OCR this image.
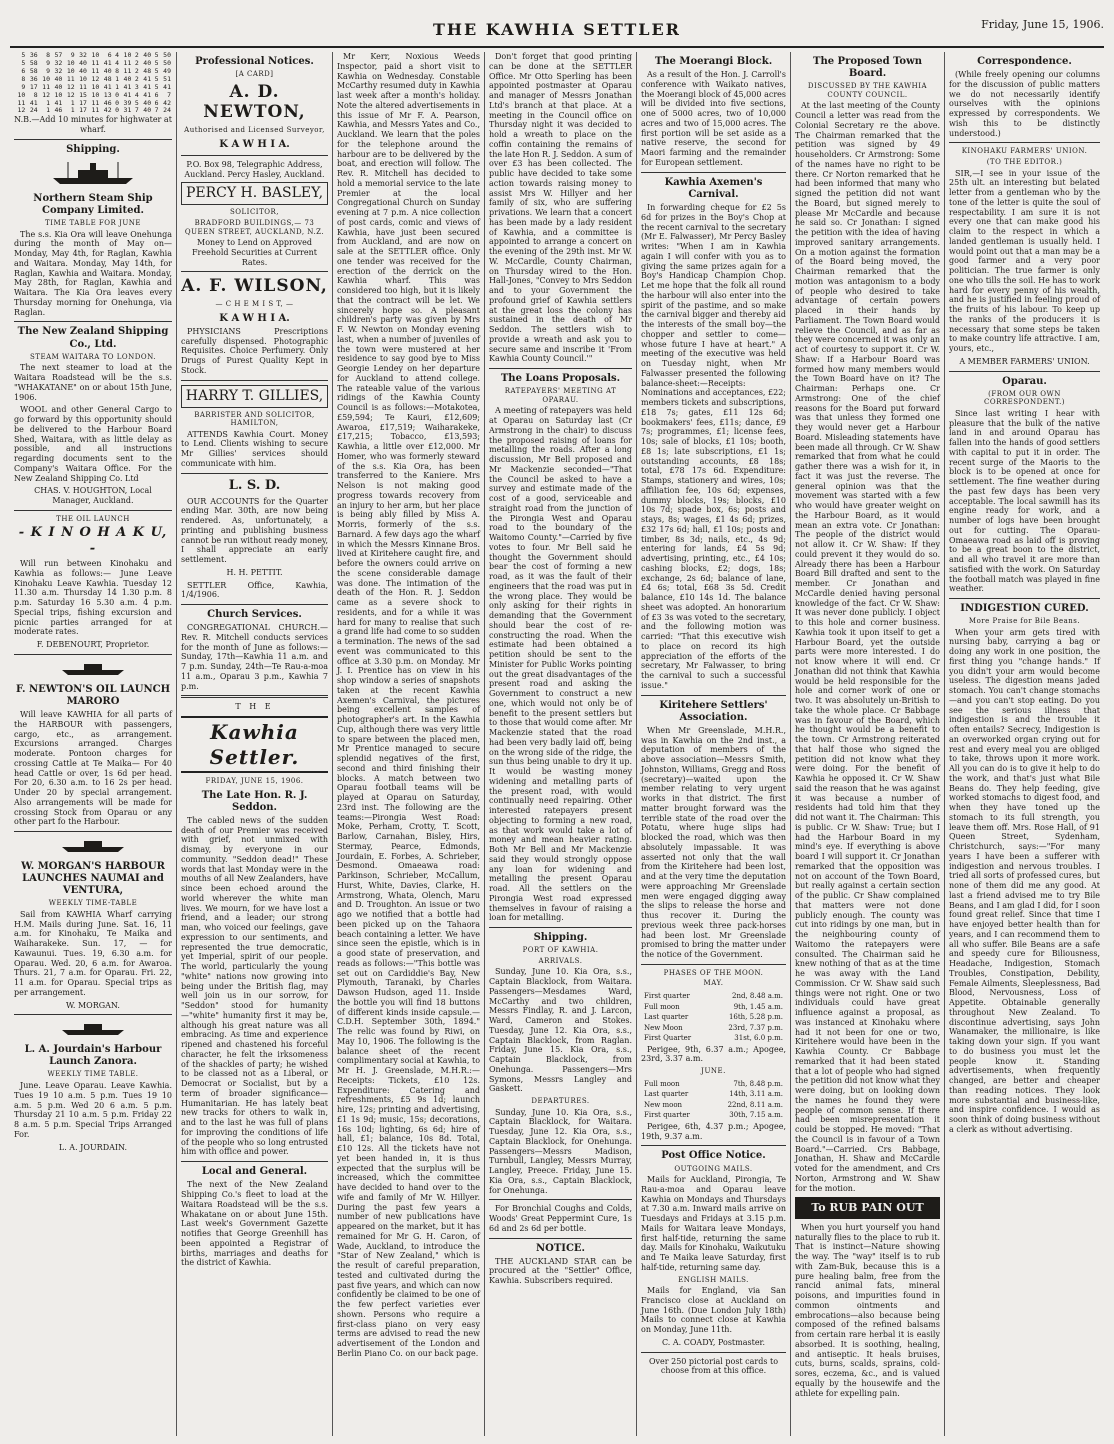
THE KAWHIA SETTLER	Friday, June 15, 1906.
5	36	8	57	9	32	10	6	4	10	2	40	5	50
5	58	9	32	10	40	11	41	4	11	2	40	5	50
6	58	9	32	10	40	11	40	8	11	2	48	5	49
8	36	10	40	11	10	12	48	1	40	2	41	5	51
9	17	11	40	12	11	10	41	1	41	3	41	5	41
10	8	12	10	12	15	10	13	0	41	4	41	6	7
11	41	1	41	1	17	11	46	0	39	5	40	6	42
12	24	1	46	1	17	11	42	0	31	7	40	7	24

N.B.—Add 10 minutes for highwater at wharf.

Shipping.
Northern Steam Ship Company Limited.
TIME TABLE FOR JUNE

The s.s. Kia Ora will leave Onehunga during the month of May on— Monday, May 4th, for Raglan, Kawhia and Waitara. Monday, May 14th, for Raglan, Kawhia and Waitara. Monday, May 28th, for Raglan, Kawhia and Waitara. The Kia Ora leaves every Thursday morning for Onehunga, via Raglan.

The New Zealand Shipping Co., Ltd.
STEAM WAITARA TO LONDON.

The next steamer to load at the Waitara Roadstead will be the s.s. "WHAKATANE" on or about 15th June, 1906.

WOOL and other General Cargo to go forward by this opportunity should be delivered to the Harbour Board Shed, Waitara, with as little delay as possible, and all instructions regarding documents sent to the Company's Waitara Office. For the New Zealand Shipping Co. Ltd

CHAS. V. HOUGHTON, Local Manager, Auckland.

THE OIL LAUNCH
- K I N O H A K U, -

Will run between Kinohaku and Kawhia as follows:— June Leave Kinohaku Leave Kawhia. Tuesday 12 11.30 a.m. Thursday 14 1.30 p.m. 8 p.m. Saturday 16 5.30 a.m. 4 p.m. Special trips, fishing excursion and picnic parties arranged for at moderate rates.

F. DEBENOURT, Proprietor.

F. NEWTON'S OIL LAUNCH MARORO

Will leave KAWHIA for all parts of the HARBOUR with passengers, cargo, etc., as arrangement. Excursions arranged. Charges moderate. Pontoon charges for crossing Cattle at Te Maika— For 40 head Cattle or over, 1s 6d per head. For 20, 6.30 a.m. to 16 2s per head. Under 20 by special arrangement. Also arrangements will be made for crossing Stock from Oparau or any other part fo the Harbour.

W. MORGAN'S HARBOUR LAUNCHES NAUMAI and VENTURA,
WEEKLY TIME-TABLE

Sail from KAWHIA Wharf carrying H.M. Mails during June. Sat. 16, 11 a.m. for Kinohaku, Te Maika and Waiharakeke. Sun. 17, — for Kawaunui. Tues. 19, 6.30 a.m. for Oparau. Wed. 20, 6 a.m. for Awaroa. Thurs. 21, 7 a.m. for Oparau. Fri. 22, 11 a.m. for Oparau. Special trips as per arrangement.

W. MORGAN.

L. A. Jourdain's Harbour Launch Zanora.
WEEKLY TIME TABLE.

June. Leave Oparau. Leave Kawhia. Tues 19 10 a.m. 5 p.m. Tues 19 10 a.m. 5 p.m. Wed 20 6 a.m. 5 p.m. Thursday 21 10 a.m. 5 p.m. Friday 22 8 a.m. 5 p.m. Special Trips Arranged For.

L. A. JOURDAIN.

Professional Notices.
[A CARD]
A. D. NEWTON,
Authorised and Licensed Surveyor,
K A W H I A.

P.O. Box 98, Telegraphic Address, Auckland. Percy Hasley, Auckland.

PERCY H. BASLEY,
SOLICITOR,
BRADFORD BUILDINGS,— 73 QUEEN STREET, AUCKLAND, N.Z.

Money to Lend on Approved Freehold Securities at Current Rates.

A. F. WILSON,
— C H E M I S T, —
K A W H I A.

PHYSICIANS Prescriptions carefully dispensed. Photographic Requisites. Choice Perfumery. Only Drugs of Purest Quality Kept in Stock.

HARRY T. GILLIES,
BARRISTER AND SOLICITOR, HAMILTON,

ATTENDS Kawhia Court. Money to Lend. Clients wishing to secure Mr Gillies' services should communicate with him.

L. S. D.

OUR ACCOUNTS for the Quarter ending Mar. 30th, are now being rendered. As, unfortunately, a printing and publishing business cannot be run without ready money, I shall appreciate an early settlement.

H. H. PETTIT.

SETTLER Office, Kawhia, 1/4/1906.

Church Services.

CONGREGATIONAL CHURCH.—Rev. R. Mitchell conducts services for the month of June as follows:— Sunday, 17th—Kawhia 11 a.m. and 7 p.m. Sunday, 24th—Te Rau-a-moa 11 a.m., Oparau 3 p.m., Kawhia 7 p.m.

T H E
Kawhia Settler.
FRIDAY, JUNE 15, 1906.
The Late Hon. R. J. Seddon.

The cabled news of the sudden death of our Premier was received with grief, not unmixed with dismay, by everyone in our community. "Seddon dead!" These words that last Monday were in the mouths of all New Zealanders, have since been echoed around the world wherever the white man lives. We mourn, for we have lost a friend, and a leader; our strong man, who voiced our feelings, gave expression to our sentiments, and represented the true democratic, yet Imperial, spirit of our people. The world, particularly the young "white" nations now growing into being under the British flag, may well join us in our sorrow, for "Seddon" stood for humanity—"white" humanity first it may be, although his great nature was all embracing. As time and experience ripened and chastened his forceful character, he felt the irksomeness of the shackles of party; he wished to be classed not as a Liberal, or Democrat or Socialist, but by a term of broader significance—Humanitarian. He has lately beat new tracks for others to walk in, and to the last he was full of plans for improving the conditions of life of the people who so long entrusted him with office and power.

Local and General.

The next of the New Zealand Shipping Co.'s fleet to load at the Waitara Roadstead will be the s.s. Whakatane on or about June 15th. Last week's Government Gazette notifies that George Greenhill has been appointed a Registrar of births, marriages and deaths for the district of Kawhia.

Mr Kerr, Noxious Weeds Inspector, paid a short visit to Kawhia on Wednesday. Constable McCarthy resumed duty in Kawhia last week after a month's holiday. Note the altered advertisements in this issue of Mr F. A. Pearson, Kawhia, and Messrs Yates and Co., Auckland. We learn that the poles for the telephone around the harbour are to be delivered by the boat, and erection will follow. The Rev. R. Mitchell has decided to hold a memorial service to the late Premier at the local Congregational Church on Sunday evening at 7 p.m. A nice collection of post cards, comic and views of Kawhia, have just been secured from Auckland, and are now on sale at the SETTLER office. Only one tender was received for the erection of the derrick on the Kawhia wharf. This was considered too high, but it is likely that the contract will be let. We sincerely hope so. A pleasant children's party was given by Mrs F. W. Newton on Monday evening last, when a number of juveniles of the town were mustered at her residence to say good bye to Miss Georgie Lendey on her departure for Auckland to attend college. The rateable value of the various ridings of the Kawhia County Council is as follows:—Motakotea, £59,594; Te Kauri, £12,609; Awaroa, £17,519; Waiharakeke, £17,215; Tobacco, £13,593; Kawhia, a little over £12,000. Mr Homer, who was formerly steward of the s.s. Kia Ora, has been transferred to the Kaniere. Mrs Nelson is not making good progress towards recovery from an injury to her arm, but her place is being ably filled by Miss A. Morris, formerly of the s.s. Barnard. A few days ago the wharf in which the Messrs Kinnane Bros. lived at Kiritehere caught fire, and before the owners could arrive on the scene considerable damage was done. The intimation of the death of the Hon. R. J. Seddon came as a severe shock to residents, and for a while it was hard for many to realise that such a grand life had come to so sudden a termination. The news of the sad event was communicated to this office at 3.30 p.m. on Monday. Mr J. I. Prentice has on view in his shop window a series of snapshots taken at the recent Kawhia Axemen's Carnival, the pictures being excellent samples of photographer's art. In the Kawhia Cup, although there was very little to spare between the placed men, Mr Prentice managed to secure splendid negatives of the first, second and third finishing their blocks. A match between two Oparau football teams will be played at Oparau on Saturday, 23rd inst. The following are the teams:—Pirongia West Road: Moke, Perham, Crotty, T. Scott, Barlow, Carnahan, Bisley, Hirs, Stermay, Pearce, Edmonds, Jourdain, E. Forbes, A. Schrieber, Desmond. Omaeawa road: Parkinson, Schrieber, McCallum, Hurst, White, Davies, Clarke, H. Armstrong, Whata, Olench, Maru and D. Troughton. An issue or two ago we notified that a bottle had been picked up on the Tahaora beach containing a letter. We have since seen the epistle, which is in a good state of preservation, and reads as follows:—"This bottle was set out on Cardiddie's Bay, New Plymouth, Taranaki, by Charles Dawson Hudson, aged 11. Inside the bottle you will find 18 buttons of different kinds inside capsule.—C.D.H. September 30th, 1894." The relic was found by Riwi, on May 10, 1906. The following is the balance sheet of the recent complimentary social at Kawhia, to Mr H. J. Greenslade, M.H.R.:—Receipts: Tickets, £10 12s. Expenditure: Catering and refreshments, £5 9s 1d; launch hire, 12s; printing and advertising, £1 1s 9d; music, 15s; decorations, 16s 10d; lighting, 6s 6d; hire of hall, £1; balance, 10s 8d. Total, £10 12s. All the tickets have not yet been handed in, it is thus expected that the surplus will be increased, which the committee have decided to hand over to the wife and family of Mr W. Hillyer. During the past few years a number of new publications have appeared on the market, but it has remained for Mr G. H. Caron, of Wade, Auckland, to introduce the "Star of New Zealand," which is the result of careful preparation, tested and cultivated during the past five years, and which can now confidently be claimed to be one of the few perfect varieties ever shown. Persons who require a first-class piano on very easy terms are advised to read the new advertisement of the London and Berlin Piano Co. on our back page.

Don't forget that good printing can be done at the SETTLER Office. Mr Otto Sperling has been appointed postmaster at Oparau and manager of Messrs Jonathan Ltd's branch at that place. At a meeting in the Council office on Thursday night it was decided to hold a wreath to place on the coffin containing the remains of the late Hon R. J. Seddon. A sum of over £3 has been collected. The public have decided to take some action towards raising money to assist Mrs W. Hillyer and her family of six, who are suffering privations. We learn that a concert has been made by a lady resident of Kawhia, and a committee is appointed to arrange a concert on the evening of the 29th inst. Mr W. W. McCardle, County Chairman, on Thursday wired to the Hon. Hall-Jones, "Convey to Mrs Seddon and to your Government the profound grief of Kawhia settlers at the great loss the colony has sustained in the death of Mr Seddon. The settlers wish to provide a wreath and ask you to secure same and inscribe it 'From Kawhia County Council.'"

The Loans Proposals.
RATEPAYERS' MEETING AT OPARAU.

A meeting of ratepayers was held at Oparau on Saturday last (Cr Armstrong in the chair) to discuss the proposed raising of loans for metalling the roads. After a long discussion, Mr Bell proposed and Mr Mackenzie seconded—"That the Council be asked to have a survey and estimate made of the cost of a good, serviceable and straight road from the junction of the Pirongia West and Oparau road to the boundary of the Waitomo County."—Carried by five votes to four. Mr Bell said he thought the Government should bear the cost of forming a new road, as it was the fault of their engineers that the road was put in the wrong place. They would be only asking for their rights in demanding that the Government should bear the cost of re-constructing the road. When the estimate had been obtained a petition should be sent to the Minister for Public Works pointing out the great disadvantages of the present road and asking the Government to construct a new one, which would not only be of benefit to the present settlers but to those that would come after. Mr Mackenzie stated that the road had been very badly laid off, being on the wrong side of the ridge, the sun thus being unable to dry it up. It would be wasting money widening and metalling parts of the present road, with would continually need repairing. Other interested ratepayers present objecting to forming a new road, as that work would take a lot of money and mean heavier rating. Both Mr Bell and Mr Mackenzie said they would strongly oppose any loan for widening and metalling the present Oparau road. All the settlers on the Pirongia West road expressed themselves in favour of raising a loan for metalling.

Shipping.
PORT OF KAWHIA.
ARRIVALS.

Sunday, June 10. Kia Ora, s.s., Captain Blacklock, from Waitara. Passengers—Mesdames Ward, McCarthy and two children, Messrs Findlay, R. and J. Larcon, Ward, Cameron and Stokes. Tuesday, June 12. Kia Ora, s.s., Captain Blacklock, from Raglan. Friday, June 15. Kia Ora, s.s., Captain Blacklock, from Onehunga. Passengers—Mrs Symons, Messrs Langley and Gaskett.

DEPARTURES.

Sunday, June 10. Kia Ora, s.s., Captain Blacklock, for Waitara. Tuesday, June 12. Kia Ora, s.s., Captain Blacklock, for Onehunga. Passengers—Messrs Madison, Turnbull, Langley, Messrs Murray, Langley, Preece. Friday, June 15. Kia Ora, s.s., Captain Blacklock, for Onehunga.

For Bronchial Coughs and Colds, Woods' Great Peppermint Cure, 1s 6d and 2s 6d per bottle.

NOTICE.

THE AUCKLAND STAR can be procured at the "Settler" Office, Kawhia. Subscribers required.

The Moerangi Block.

As a result of the Hon. J. Carroll's conference with Waikato natives, the Moerangi block of 45,000 acres will be divided into five sections, one of 5000 acres, two of 10,000 acres and two of 15,000 acres. The first portion will be set aside as a native reserve, the second for Maori farming and the remainder for European settlement.

Kawhia Axemen's Carnival.

In forwarding cheque for £2 5s 6d for prizes in the Boy's Chop at the recent carnival to the secretary (Mr E. Falwasser), Mr Percy Basley writes: "When I am in Kawhia again I will confer with you as to giving the same prizes again for a Boy's Handicap Champion Chop. Let me hope that the folk all round the harbour will also enter into the spirit of the pastime, and so make the carnival bigger and thereby aid the interests of the small boy—the chopper and settler to come—whose future I have at heart." A meeting of the executive was held on Tuesday night, when Mr Falwasser presented the following balance-sheet:—Receipts: Nominations and acceptances, £22; members tickets and subscriptions, £18 7s; gates, £11 12s 6d; bookmakers' fees, £11s; dance, £9 7s; programmes, £1; license fees, 10s; sale of blocks, £1 10s; booth, £8 1s; late subscriptions, £1 1s; outstanding accounts, £8 18s; total, £78 17s 6d. Expenditure: Stamps, stationery and wires, 10s; affiliation fee, 10s 6d; expenses, dummy blocks, 19s; blocks, £10 10s 7d; spade box, 6s; posts and stays, 8s; wages, £1 4s 6d; prizes, £32 17s 6d; hall, £1 10s; posts and timber, 8s 3d; nails, etc., 4s 9d; entering for lands, £4 5s 9d; advertising, printing, etc., £4 10s; cashing blocks, £2; dogs, 18s; exchange, 2s 6d; balance of lane, £4 6s; total, £68 3s 5d. Credit balance, £10 14s 1d. The balance sheet was adopted. An honorarium of £3 3s was voted to the secretary, and the following motion was carried: "That this executive wish to place on record its high appreciation of the efforts of the secretary, Mr Falwasser, to bring the carnival to such a successful issue."

Kiritehere Settlers' Association.

When Mr Greenslade, M.H.R., was in Kawhia on the 2nd inst., a deputation of members of the above association—Messrs Smith, Johnston, Williams, Gregg and Ross (secretary)—waited upon the member relating to very urgent works in that district. The first matter brought forward was the terrible state of the road over the Potatu, where huge slips had blocked the road, which was then absolutely impassable. It was asserted not only that the wall from the Kiritehere had been lost, and at the very time the deputation were approaching Mr Greenslade men were engaged digging away the slips to release the horse and thus recover it. During the previous week three pack-horses had been lost. Mr Greenslade promised to bring the matter under the notice of the Government.

PHASES OF THE MOON.
MAY.
First quarter	2nd, 8.48 a.m.
Full moon	9th, 1.45 a.m.
Last quarter	16th, 5.28 p.m.
New Moon	23rd, 7.37 p.m.
First Quarter	31st, 6.0 p.m.

Perigee, 9th, 6.37 a.m.; Apogee, 23rd, 3.37 a.m.

JUNE.
Full moon	7th, 8.48 p.m.
Last quarter	14th, 3.11 a.m.
New moon	22nd, 8.11 a.m.
First quarter	30th, 7.15 a.m.

Perigee, 6th, 4.37 p.m.; Apogee, 19th, 9.37 a.m.

Post Office Notice.
OUTGOING MAILS.

Mails for Auckland, Pirongia, Te Rau-a-moa and Oparau leave Kawhia on Mondays and Thursdays at 7.30 a.m. Inward mails arrive on Tuesdays and Fridays at 3.15 p.m. Mails for Waitara leave Mondays, first half-tide, returning the same day. Mails for Kinohaku, Waikutuku and Te Maika leave Saturday, first half-tide, returning same day.

ENGLISH MAILS.

Mails for England, via San Francisco close at Auckland on June 16th. (Due London July 18th) Mails to connect close at Kawhia on Monday, June 11th.

C. A. COADY, Postmaster.

Over 250 pictorial post cards to choose from at this office.

The Proposed Town Board.
DISCUSSED BY THE KAWHIA COUNTY COUNCIL.

At the last meeting of the County Council a letter was read from the Colonial Secretary re the above. The Chairman remarked that the petition was signed by 49 householders. Cr Armstrong: Some of the names have no right to be there. Cr Norton remarked that he had been informed that many who signed the petition did not want the Board, but signed merely to please Mr McCardle and because he said so. Cr Jonathan: I signed the petition with the idea of having improved sanitary arrangements. On a motion against the formation of the Board being moved, the Chairman remarked that the motion was antagonism to a body of people who desired to take advantage of certain powers placed in their hands by Parliament. The Town Board would relieve the Council, and as far as they were concerned it was only an act of courtesy to support it. Cr W. Shaw: If a Harbour Board was formed how many members would the Town Board have on it? The Chairman: Perhaps one. Cr Armstrong: One of the chief reasons for the Board put forward was that unless they formed one they would never get a Harbour Board. Misleading statements have been made all through. Cr W. Shaw remarked that from what he could gather there was a wish for it, in fact it was just the reverse. The general opinion was that the movement was started with a few who would have greater weight on the Harbour Board, as it would mean an extra vote. Cr Jonathan: The people of the district would not allow it. Cr W. Shaw: If they could prevent it they would do so. Already there has been a Harbour Board Bill drafted and sent to the member. Cr Jonathan and McCardle denied having personal knowledge of the fact. Cr W. Shaw: It was never done publicly. I object to this hole and corner business. Kawhia took it upon itself to get a Harbour Board, yet the outside parts were more interested. I do not know where it will end. Cr Jonathan did not think that Kawhia would be held responsible for the hole and corner work of one or two. It was absolutely un-British to take the whole place. Cr Babbage was in favour of the Board, which he thought would be a benefit to the town. Cr Armstrong reiterated that half those who signed the petition did not know what they were doing. For the benefit of Kawhia he opposed it. Cr W. Shaw said the reason that he was against it was because a number of residents had told him that they did not want it. The Chairman: This is public. Cr W. Shaw: True; but I had the Harbour Board in my mind's eye. If everything is above board I will support it. Cr Jonathan remarked that the opposition was not on account of the Town Board, but really against a certain section of the public. Cr Shaw complained that matters were not done publicly enough. The county was cut into ridings by one man, but in the neighbouring county of Waitomo the ratepayers were consulted. The Chairman said he knew nothing of that as at the time he was away with the Land Commission. Cr W. Shaw said such things were not right. One or two individuals could have great influence against a proposal, as was instanced at Kinohaku where had it not been for one or two, Kiritehere would have been in the Kawhia County. Cr Babbage remarked that it had been stated that a lot of people who had signed the petition did not know what they were doing, but on looking down the names he found they were people of common sense. If there had been misrepresentation it could be stopped. He moved: "That the Council is in favour of a Town Board."—Carried. Crs Babbage, Jonathan, H. Shaw and McCardle voted for the amendment, and Crs Norton, Armstrong and W. Shaw for the motion.

To RUB PAIN OUT

When you hurt yourself you hand naturally flies to the place to rub it. That is instinct—Nature showing the way. The "way" itself is to rub with Zam-Buk, because this is a pure healing balm, free from the rancid animal fats, mineral poisons, and impurities found in common ointments and embrocations—also because being composed of the refined balsams from certain rare herbal it is easily absorbed. It is soothing, healing, and antiseptic. It heals bruises, cuts, burns, scalds, sprains, cold-sores, eczema, &c., and is valued equally by the housewife and the athlete for expelling pain.

Correspondence.

(While freely opening our columns for the discussion of public matters we do not necessarily identify ourselves with the opinions expressed by correspondents. We wish this to be distinctly understood.)

KINOHAKU FARMERS' UNION.
(TO THE EDITOR.)

SIR,—I see in your issue of the 25th ult. an interesting but belated letter from a gentleman who by the tone of the letter is quite the soul of respectability. I am sure it is not every one that can make good his claim to the respect in which a landed gentleman is usually held. I would point out that a man may be a good farmer and a very poor politician. The true farmer is only one who tills the soil. He has to work hard for every penny of his wealth, and he is justified in feeling proud of the fruits of his labour. To keep up the ranks of the producers it is necessary that some steps be taken to make country life attractive. I am, yours, etc.,

A MEMBER FARMERS' UNION.

Oparau.
(FROM OUR OWN CORRESPONDENT.)

Since last writing I hear with pleasure that the bulk of the native land in and around Oparau has fallen into the hands of good settlers with capital to put it in order. The recent surge of the Maoris to the block is to be opened at once for settlement. The fine weather during the past few days has been very acceptable. The local sawmill has its engine ready for work, and a number of logs have been brought out for cutting. The Oparau-Omaeawa road as laid off is proving to be a great boon to the district, and all who travel it are more than satisfied with the work. On Saturday the football match was played in fine weather.

INDIGESTION CURED.
More Praise for Bile Beans.

When your arm gets tired with nursing baby, carrying a bag or doing any work in one position, the first thing you "change hands." If you didn't your arm would become useless. The digestion means jaded stomach. You can't change stomachs—and you can't stop eating. Do you see the serious illness that indigestion is and the trouble it often entails? Secrecy, Indigestion is an overworked organ crying out for rest and every meal you are obliged to take, throws upon it more work. All you can do is to give it help to do the work, and that's just what Bile Beans do. They help feeding, give worked stomachs to digest food, and when they have toned up the stomach to its full strength, you leave them off. Mrs. Rose Hall, of 91 Queen Street, Sydenham, Christchurch, says:—"For many years I have been a sufferer with indigestion and nervous troubles. I tried all sorts of professed cures, but none of them did me any good. At last a friend advised me to try Bile Beans, and I am glad I did, for I soon found great relief. Since that time I have enjoyed better health than for years, and I can recommend them to all who suffer. Bile Beans are a safe and speedy cure for Biliousness, Headache, Indigestion, Stomach Troubles, Constipation, Debility, Female Ailments, Sleeplessness, Bad Blood, Nervousness, Loss of Appetite. Obtainable generally throughout New Zealand. To discontinue advertising, says John Wanamaker, the millionaire, is like taking down your sign. If you want to do business you must let the people know it. Standing advertisements, when frequently changed, are better and cheaper than reading notices. They look more substantial and business-like, and inspire confidence. I would as soon think of doing business without a clerk as without advertising.
